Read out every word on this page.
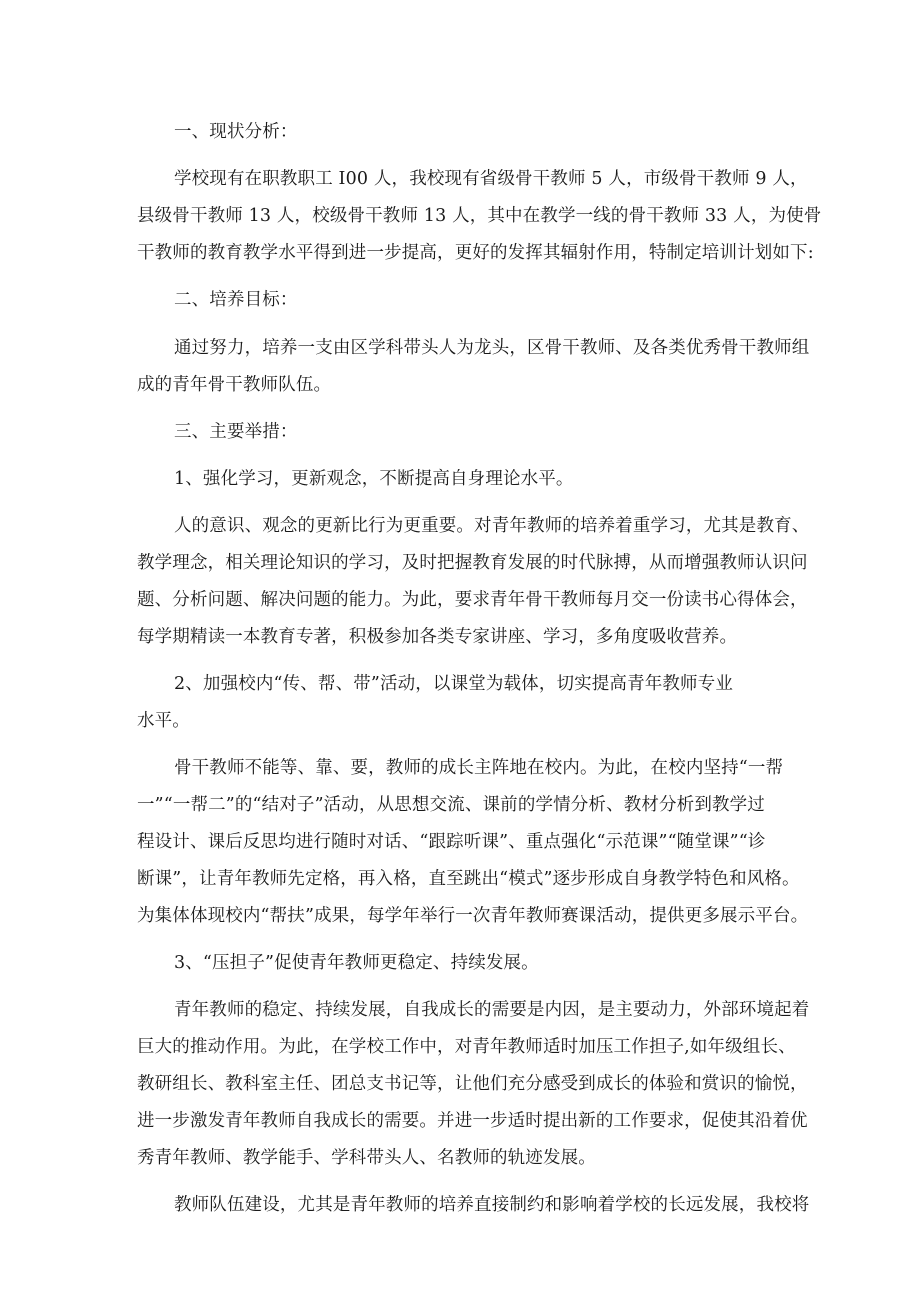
一、现状分析：

学校现有在职教职工 I00 人，我校现有省级骨干教师 5 人，市级骨干教师 9 人，

县级骨干教师 13 人，校级骨干教师 13 人，其中在教学一线的骨干教师 33 人，为使骨

干教师的教育教学水平得到进一步提高，更好的发挥其辐射作用，特制定培训计划如下:

二、培养目标：

通过努力，培养一支由区学科带头人为龙头，区骨干教师、及各类优秀骨干教师组

成的青年骨干教师队伍。

三、主要举措：

1、强化学习，更新观念，不断提高自身理论水平。

人的意识、观念的更新比行为更重要。对青年教师的培养着重学习，尤其是教育、

教学理念，相关理论知识的学习，及时把握教育发展的时代脉搏，从而增强教师认识问

题、分析问题、解决问题的能力。为此，要求青年骨干教师每月交一份读书心得体会，

每学期精读一本教育专著，积极参加各类专家讲座、学习，多角度吸收营养。

2、加强校内“传、帮、带”活动，以课堂为载体，切实提高青年教师专业

水平。

骨干教师不能等、靠、要，教师的成长主阵地在校内。为此，在校内坚持“一帮

一”“一帮二”的“结对子”活动，从思想交流、课前的学情分析、教材分析到教学过

程设计、课后反思均进行随时对话、“跟踪听课”、重点强化“示范课”“随堂课”“诊

断课”，让青年教师先定格，再入格，直至跳出“模式”逐步形成自身教学特色和风格。

为集体体现校内“帮扶”成果，每学年举行一次青年教师赛课活动，提供更多展示平台。

3、“压担子”促使青年教师更稳定、持续发展。

青年教师的稳定、持续发展，自我成长的需要是内因，是主要动力，外部环境起着

巨大的推动作用。为此，在学校工作中，对青年教师适时加压工作担子,如年级组长、

教研组长、教科室主任、团总支书记等，让他们充分感受到成长的体验和赏识的愉悦，

进一步激发青年教师自我成长的需要。并进一步适时提出新的工作要求，促使其沿着优

秀青年教师、教学能手、学科带头人、名教师的轨迹发展。

教师队伍建设，尤其是青年教师的培养直接制约和影响着学校的长远发展，我校将
